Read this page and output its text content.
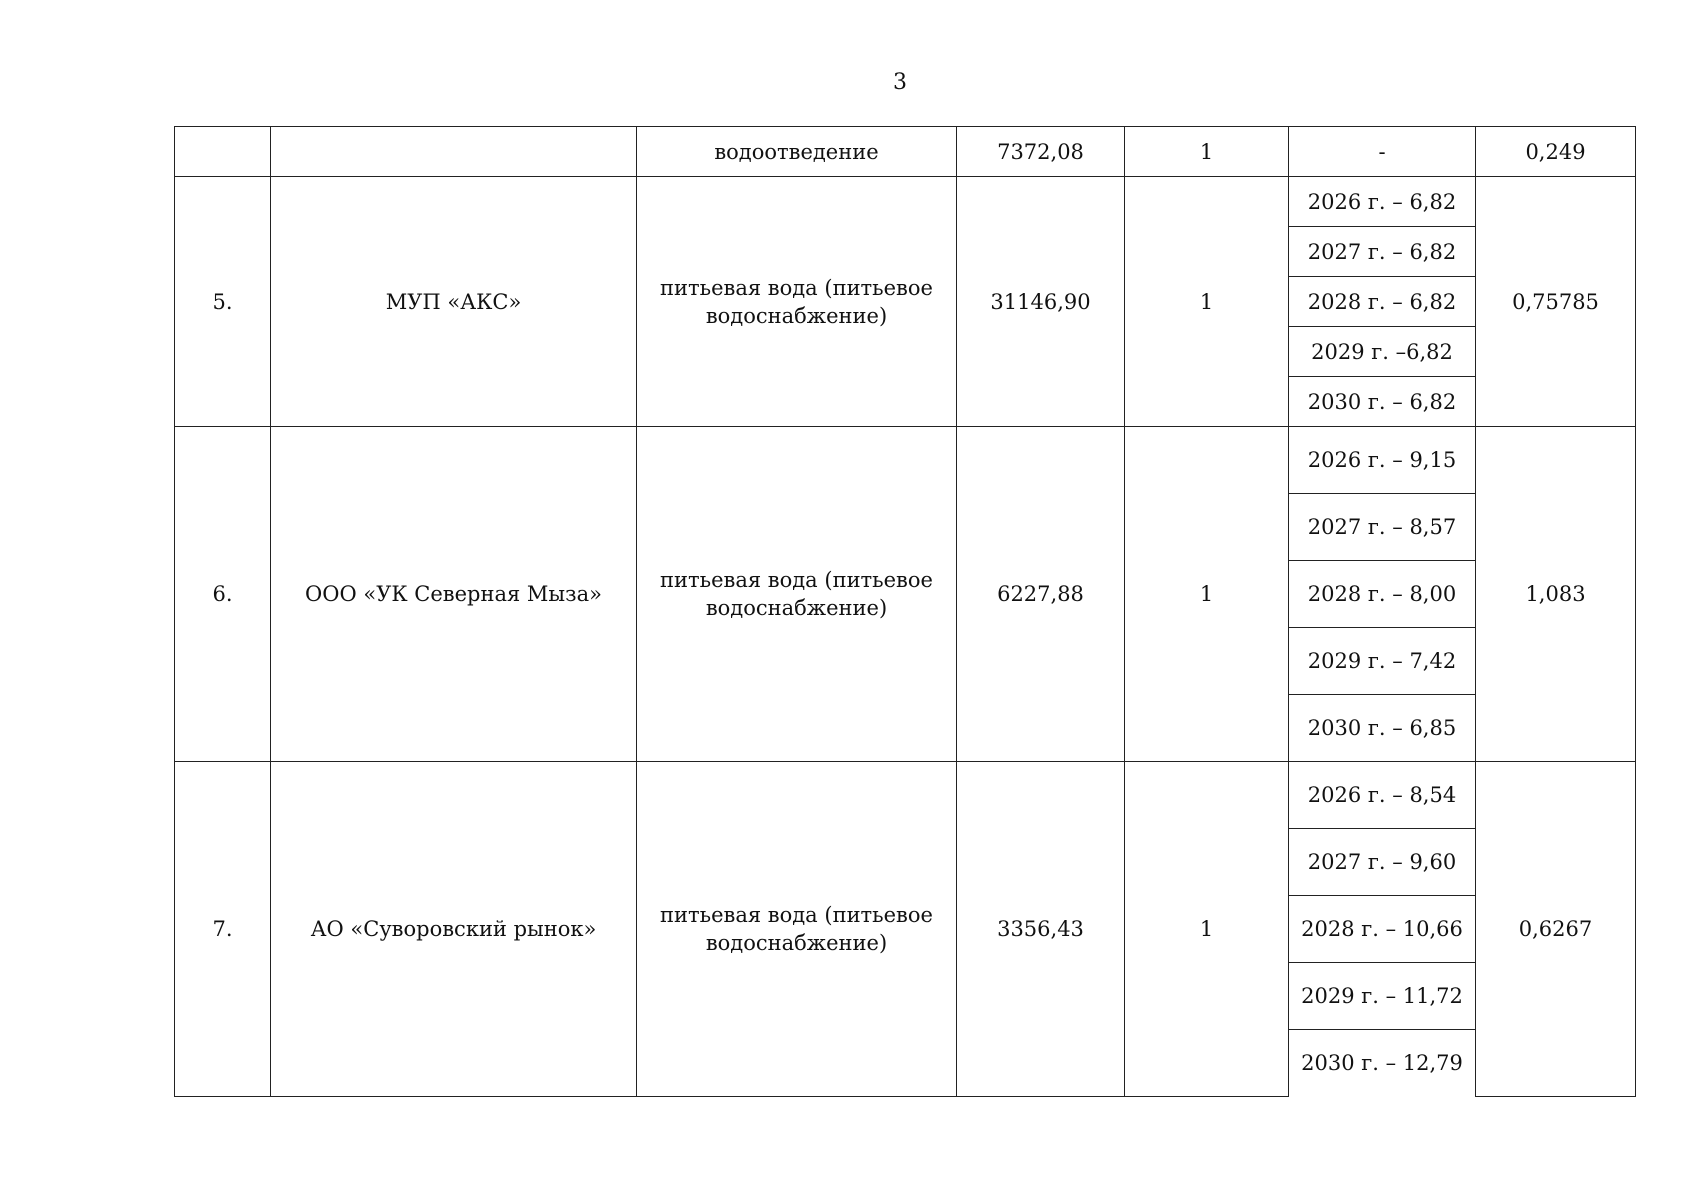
3
		водоотведение	7372,08	1	-	0,249
5.	МУП «АКС»	питьевая вода (питьевое водоснабжение)	31146,90	1	2026 г. – 6,82	0,75785
					2027 г. – 6,82	
					2028 г. – 6,82	
					2029 г. –6,82	
					2030 г. – 6,82	
6.	ООО «УК Северная Мыза»	питьевая вода (питьевое водоснабжение)	6227,88	1	2026 г. – 9,15	1,083
					2027 г. – 8,57	
					2028 г. – 8,00	
					2029 г. – 7,42	
					2030 г. – 6,85	
7.	АО «Суворовский рынок»	питьевая вода (питьевое водоснабжение)	3356,43	1	2026 г. – 8,54	0,6267
					2027 г. – 9,60	
					2028 г. – 10,66	
					2029 г. – 11,72	
					2030 г. – 12,79	
